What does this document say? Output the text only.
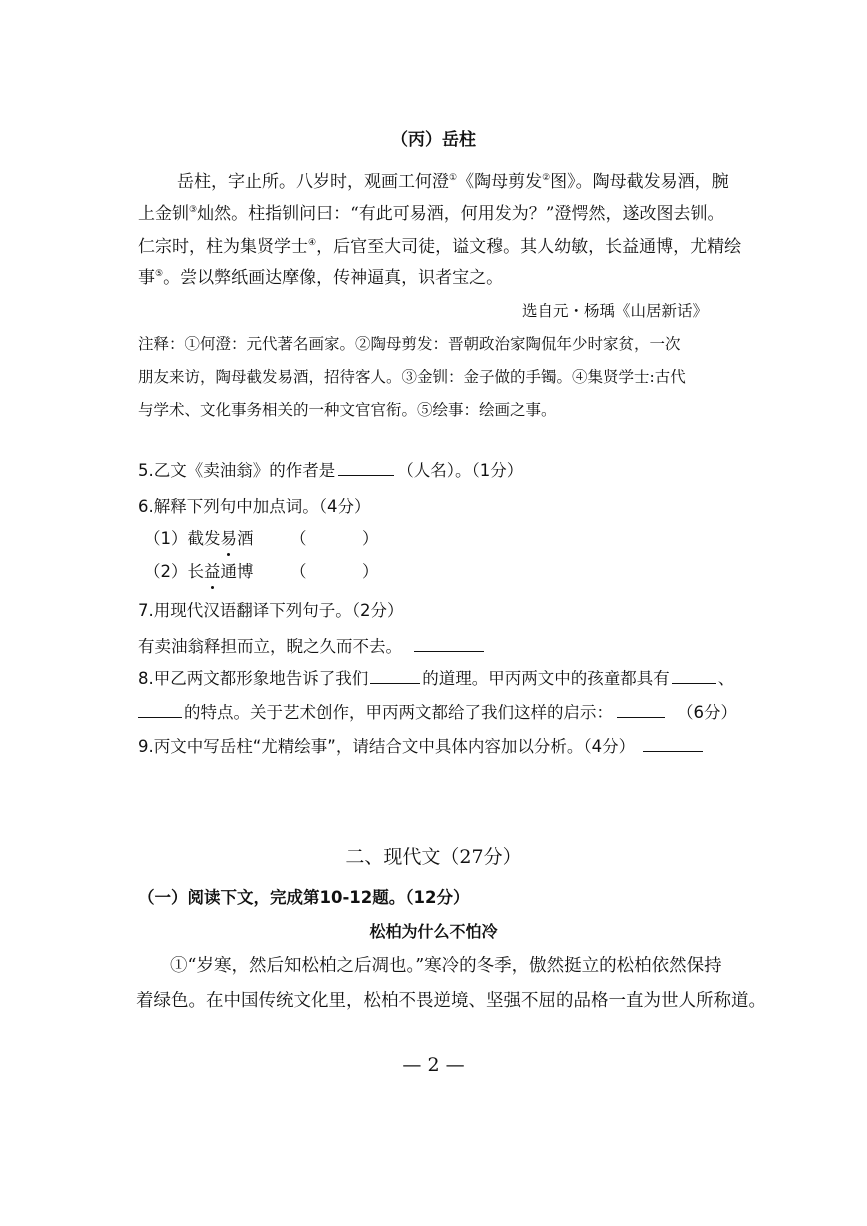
（丙）岳柱
岳柱，字止所。八岁时，观画工何澄①《陶母剪发②图》。陶母截发易酒，腕
上金钏③灿然。柱指钏问曰：“有此可易酒，何用发为？”澄愕然，遂改图去钏。
仁宗时，柱为集贤学士④，后官至大司徒，谥文穆。其人幼敏，长益通博，尤精绘
事⑤。尝以弊纸画达摩像，传神逼真，识者宝之。
选自元・杨瑀《山居新话》
注释：①何澄：元代著名画家。②陶母剪发：晋朝政治家陶侃年少时家贫，一次
朋友来访，陶母截发易酒，招待客人。③金钏：金子做的手镯。④集贤学士:古代
与学术、文化事务相关的一种文官官衔。⑤绘事：绘画之事。
5.乙文《卖油翁》的作者是	（人名）。（1分）
6.解释下列句中加点词。（4分）
（1）截发易酒 （	）
（2）长益通博 （	）
7.用现代汉语翻译下列句子。（2分）
有卖油翁释担而立，睨之久而不去。
8.甲乙两文都形象地告诉了我们	的道理。甲丙两文中的孩童都具有	、
的特点。关于艺术创作，甲丙两文都给了我们这样的启示：	（6分）
9.丙文中写岳柱“尤精绘事”，请结合文中具体内容加以分析。（4分）
二、现代文（27分）
（一）阅读下文，完成第10-12题。（12分）
松柏为什么不怕冷
①“岁寒，然后知松柏之后凋也。”寒冷的冬季，傲然挺立的松柏依然保持
着绿色。在中国传统文化里，松柏不畏逆境、坚强不屈的品格一直为世人所称道。
— 2 —
